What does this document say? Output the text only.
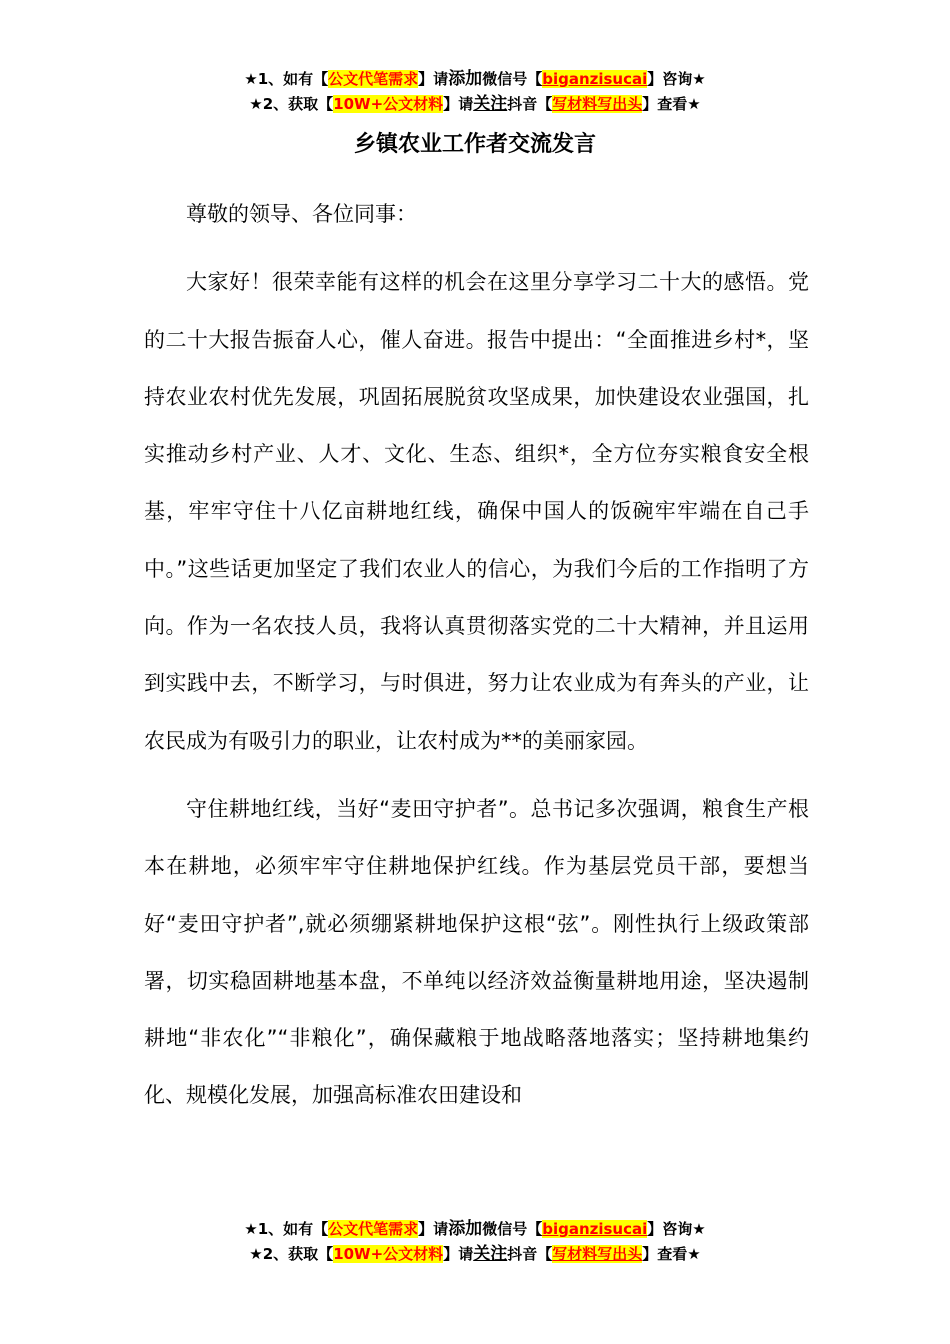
★1、如有【公文代笔需求】请添加微信号【biganzisucai】咨询★
★2、获取【10W+公文材料】请关注抖音【写材料写出头】查看★
乡镇农业工作者交流发言

尊敬的领导、各位同事：

大家好！很荣幸能有这样的机会在这里分享学习二十大的感悟。党的二十大报告振奋人心，催人奋进。报告中提出：“全面推进乡村*，坚持农业农村优先发展，巩固拓展脱贫攻坚成果，加快建设农业强国，扎实推动乡村产业、人才、文化、生态、组织*，全方位夯实粮食安全根基，牢牢守住十八亿亩耕地红线，确保中国人的饭碗牢牢端在自己手中。”这些话更加坚定了我们农业人的信心，为我们今后的工作指明了方向。作为一名农技人员，我将认真贯彻落实党的二十大精神，并且运用到实践中去，不断学习，与时俱进，努力让农业成为有奔头的产业，让农民成为有吸引力的职业，让农村成为**的美丽家园。

守住耕地红线，当好“麦田守护者”。总书记多次强调，粮食生产根本在耕地，必须牢牢守住耕地保护红线。作为基层党员干部，要想当好“麦田守护者”,就必须绷紧耕地保护这根“弦”。刚性执行上级政策部署，切实稳固耕地基本盘，不单纯以经济效益衡量耕地用途，坚决遏制耕地“非农化”“非粮化”，确保藏粮于地战略落地落实；坚持耕地集约化、规模化发展，加强高标准农田建设和

★1、如有【公文代笔需求】请添加微信号【biganzisucai】咨询★
★2、获取【10W+公文材料】请关注抖音【写材料写出头】查看★
